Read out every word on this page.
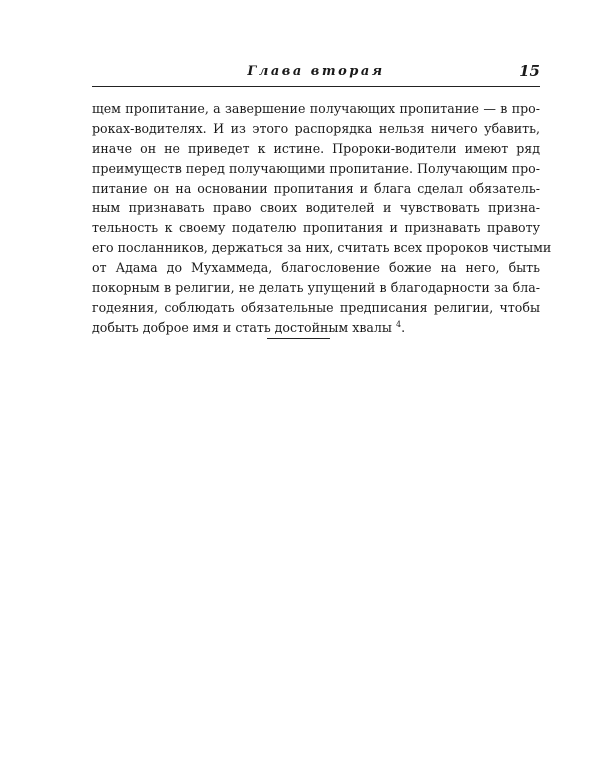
Глава вторая	15
щем пропитание, а завершение получающих пропитание — в про-
роках-водителях. И из этого распорядка нельзя ничего убавить,
иначе он не приведет к истине. Пророки-водители имеют ряд
преимуществ перед получающими пропитание. Получающим про-
питание он на основании пропитания и блага сделал обязатель-
ным признавать право своих водителей и чувствовать призна-
тельность к своему подателю пропитания и признавать правоту
его посланников, держаться за них, считать всех пророков чистыми
от Адама до Мухаммеда, благословение божие на него, быть
покорным в религии, не делать упущений в благодарности за бла-
годеяния, соблюдать обязательные предписания религии, чтобы
добыть доброе имя и стать достойным хвалы $^4$.
